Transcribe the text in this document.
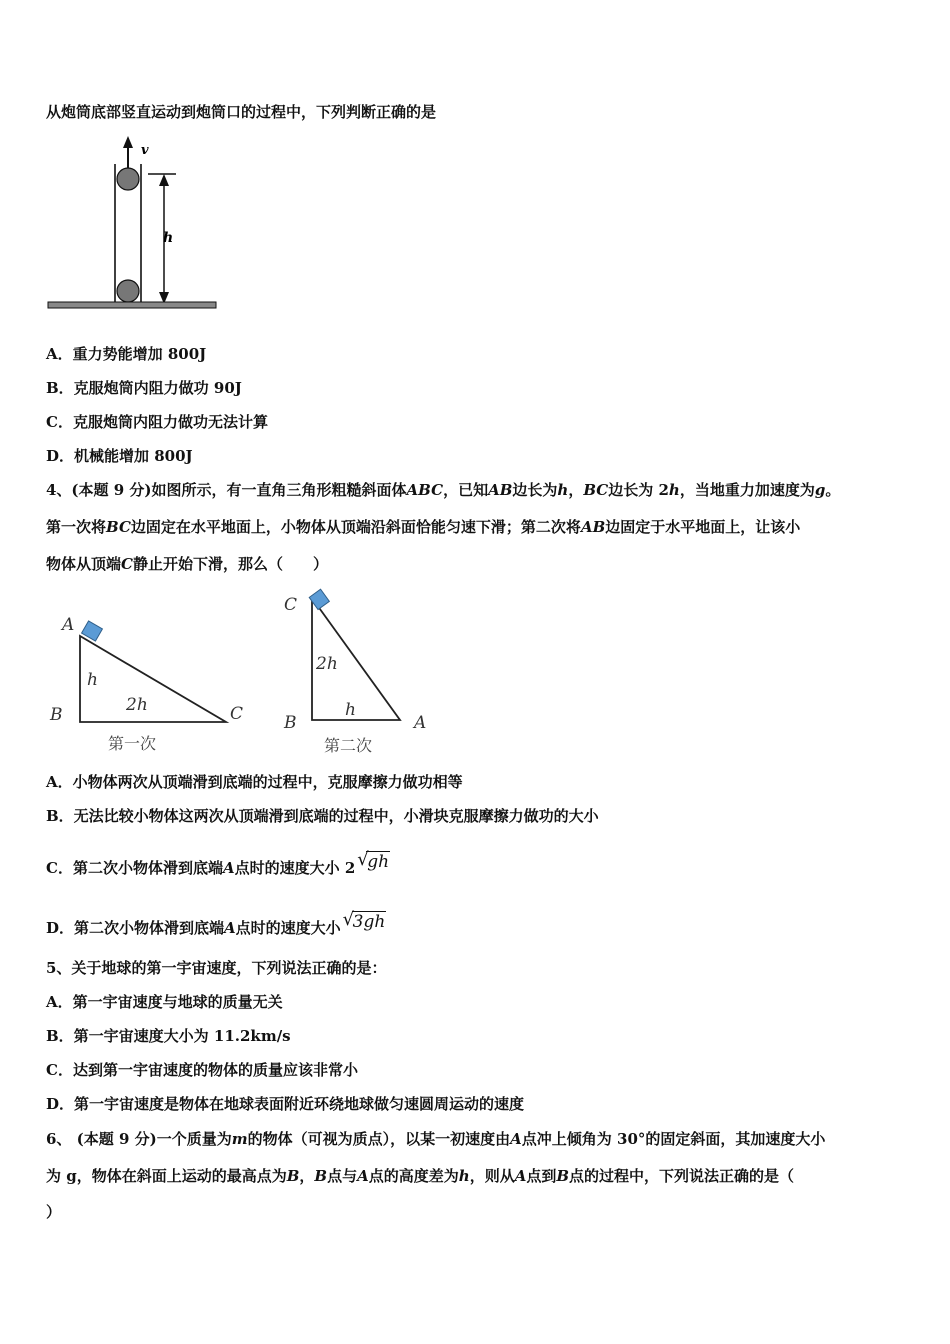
从炮筒底部竖直运动到炮筒口的过程中，下列判断正确的是
v
h
A．重力势能增加 800J
B．克服炮筒内阻力做功 90J
C．克服炮筒内阻力做功无法计算
D．机械能增加 800J
4、(本题 9 分)如图所示，有一直角三角形粗糙斜面体ABC，已知AB边长为h，BC边长为 2h，当地重力加速度为g。
第一次将BC边固定在水平地面上，小物体从顶端沿斜面恰能匀速下滑；第二次将AB边固定于水平地面上，让该小
物体从顶端C静止开始下滑，那么（　　）
A
B	C
h
2h
第一次
C
B	A
2h
h
第二次
A．小物体两次从顶端滑到底端的过程中，克服摩擦力做功相等
B．无法比较小物体这两次从顶端滑到底端的过程中，小滑块克服摩擦力做功的大小
C．第二次小物体滑到底端A点时的速度大小 2 √
gh
D．第二次小物体滑到底端A点时的速度大小 √
3gh
5、关于地球的第一宇宙速度，下列说法正确的是：
A．第一宇宙速度与地球的质量无关
B．第一宇宙速度大小为 11.2km/s
C．达到第一宇宙速度的物体的质量应该非常小
D．第一宇宙速度是物体在地球表面附近环绕地球做匀速圆周运动的速度
6、 (本题 9 分)一个质量为m的物体（可视为质点），以某一初速度由A点冲上倾角为 30°的固定斜面，其加速度大小
为 g，物体在斜面上运动的最高点为B，B点与A点的高度差为h，则从A点到B点的过程中，下列说法正确的是（
）
